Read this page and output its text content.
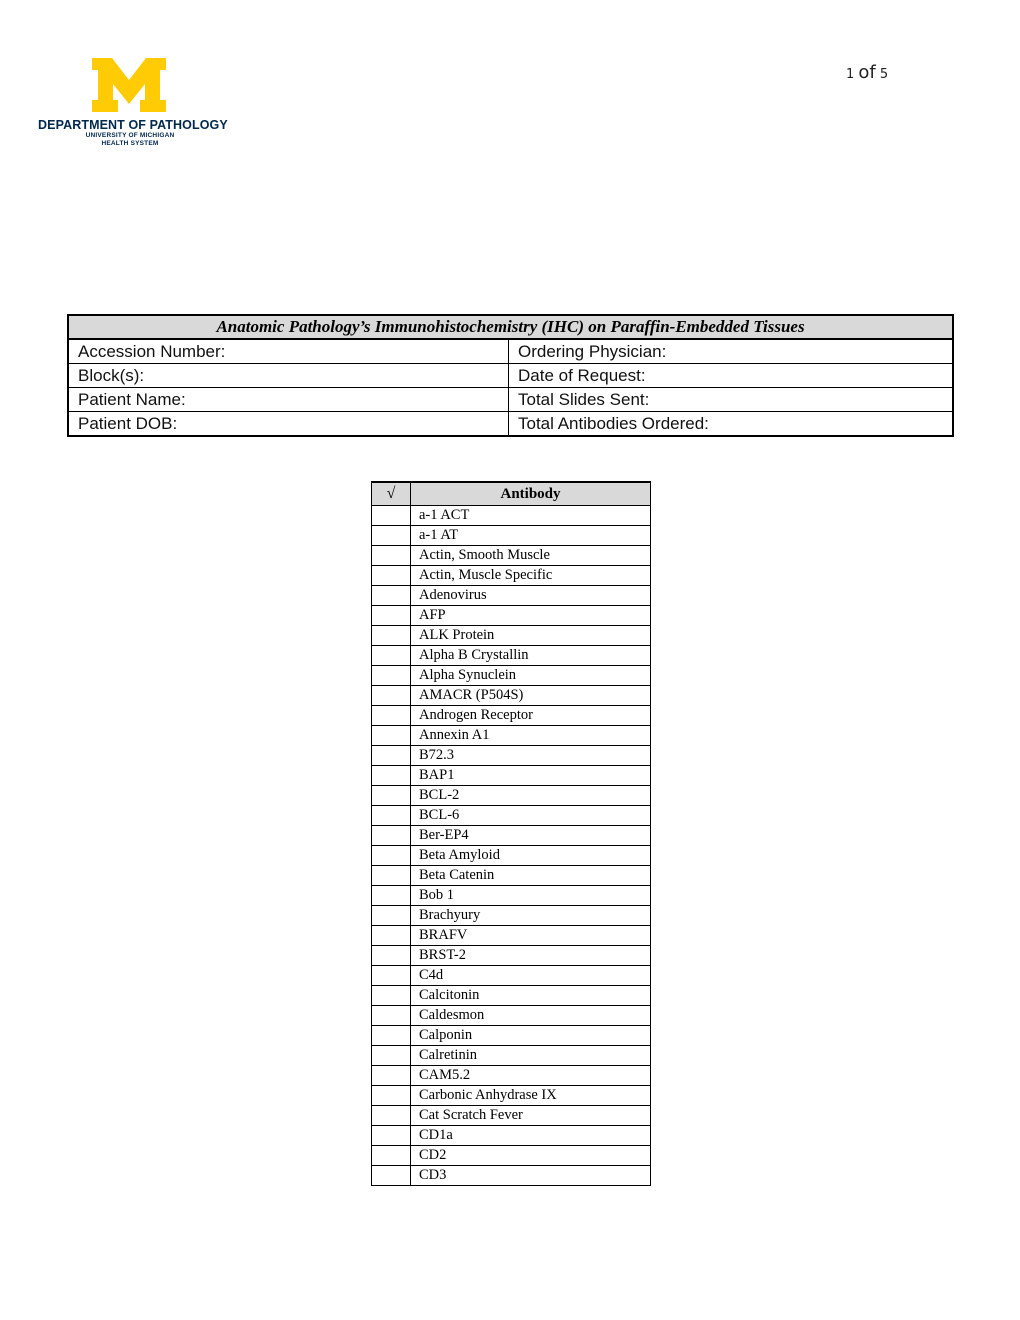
1 of 5
DEPARTMENT OF PATHOLOGY
UNIVERSITY OF MICHIGAN
HEALTH SYSTEM
Anatomic Pathology’s Immunohistochemistry (IHC) on Paraffin-Embedded Tissues	
Accession Number:	Ordering Physician:
Block(s):	Date of Request:
Patient Name:	Total Slides Sent:
Patient DOB:	Total Antibodies Ordered:
√	Antibody
	a-1 ACT
	a-1 AT
	Actin, Smooth Muscle
	Actin, Muscle Specific
	Adenovirus
	AFP
	ALK Protein
	Alpha B Crystallin
	Alpha Synuclein
	AMACR (P504S)
	Androgen Receptor
	Annexin A1
	B72.3
	BAP1
	BCL-2
	BCL-6
	Ber-EP4
	Beta Amyloid
	Beta Catenin
	Bob 1
	Brachyury
	BRAFV
	BRST-2
	C4d
	Calcitonin
	Caldesmon
	Calponin
	Calretinin
	CAM5.2
	Carbonic Anhydrase IX
	Cat Scratch Fever
	CD1a
	CD2
	CD3
